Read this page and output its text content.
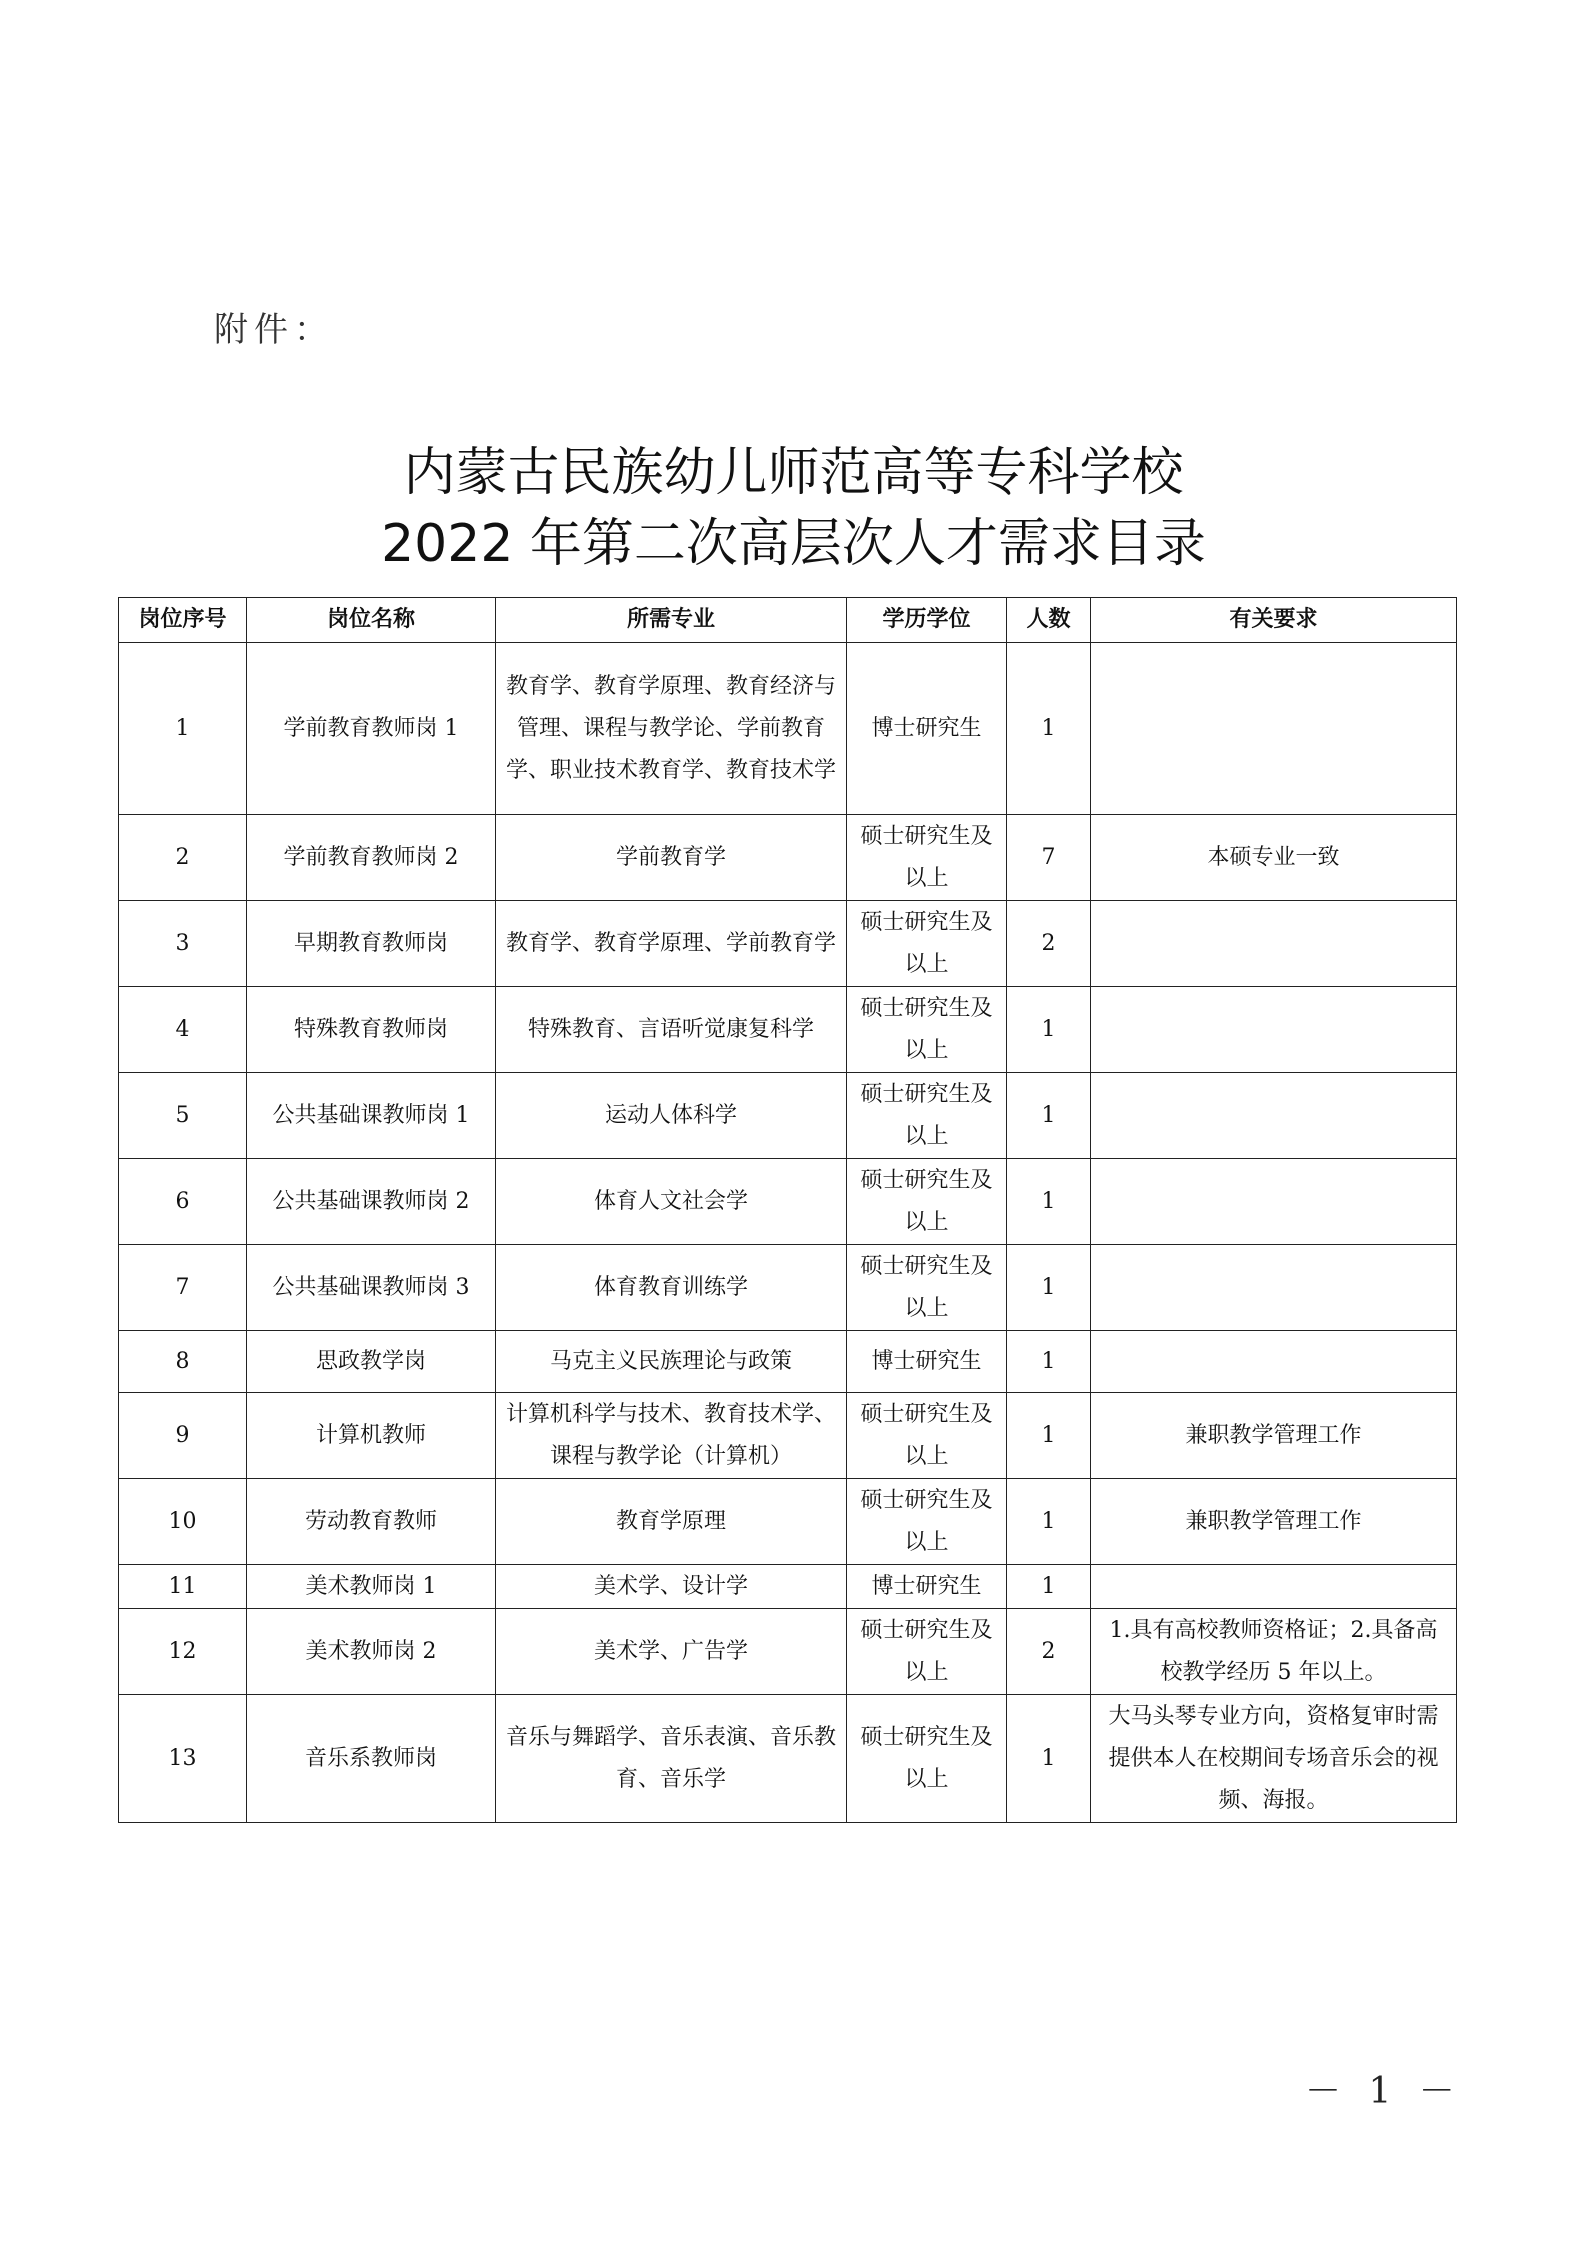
附件：
内蒙古民族幼儿师范高等专科学校
2022 年第二次高层次人才需求目录
岗位序号	岗位名称	所需专业	学历学位	人数	有关要求
1	学前教育教师岗 1	教育学、教育学原理、教育经济与管理、课程与教学论、学前教育学、职业技术教育学、教育技术学	博士研究生	1	
2	学前教育教师岗 2	学前教育学	硕士研究生及以上	7	本硕专业一致
3	早期教育教师岗	教育学、教育学原理、学前教育学	硕士研究生及以上	2	
4	特殊教育教师岗	特殊教育、言语听觉康复科学	硕士研究生及以上	1	
5	公共基础课教师岗 1	运动人体科学	硕士研究生及以上	1	
6	公共基础课教师岗 2	体育人文社会学	硕士研究生及以上	1	
7	公共基础课教师岗 3	体育教育训练学	硕士研究生及以上	1	
8	思政教学岗	马克主义民族理论与政策	博士研究生	1	
9	计算机教师	计算机科学与技术、教育技术学、课程与教学论（计算机）	硕士研究生及以上	1	兼职教学管理工作
10	劳动教育教师	教育学原理	硕士研究生及以上	1	兼职教学管理工作
11	美术教师岗 1	美术学、设计学	博士研究生	1	
12	美术教师岗 2	美术学、广告学	硕士研究生及以上	2	1.具有高校教师资格证；2.具备高校教学经历 5 年以上。
13	音乐系教师岗	音乐与舞蹈学、音乐表演、音乐教育、音乐学	硕士研究生及以上	1	大马头琴专业方向，资格复审时需提供本人在校期间专场音乐会的视频、海报。
－ 1 －
